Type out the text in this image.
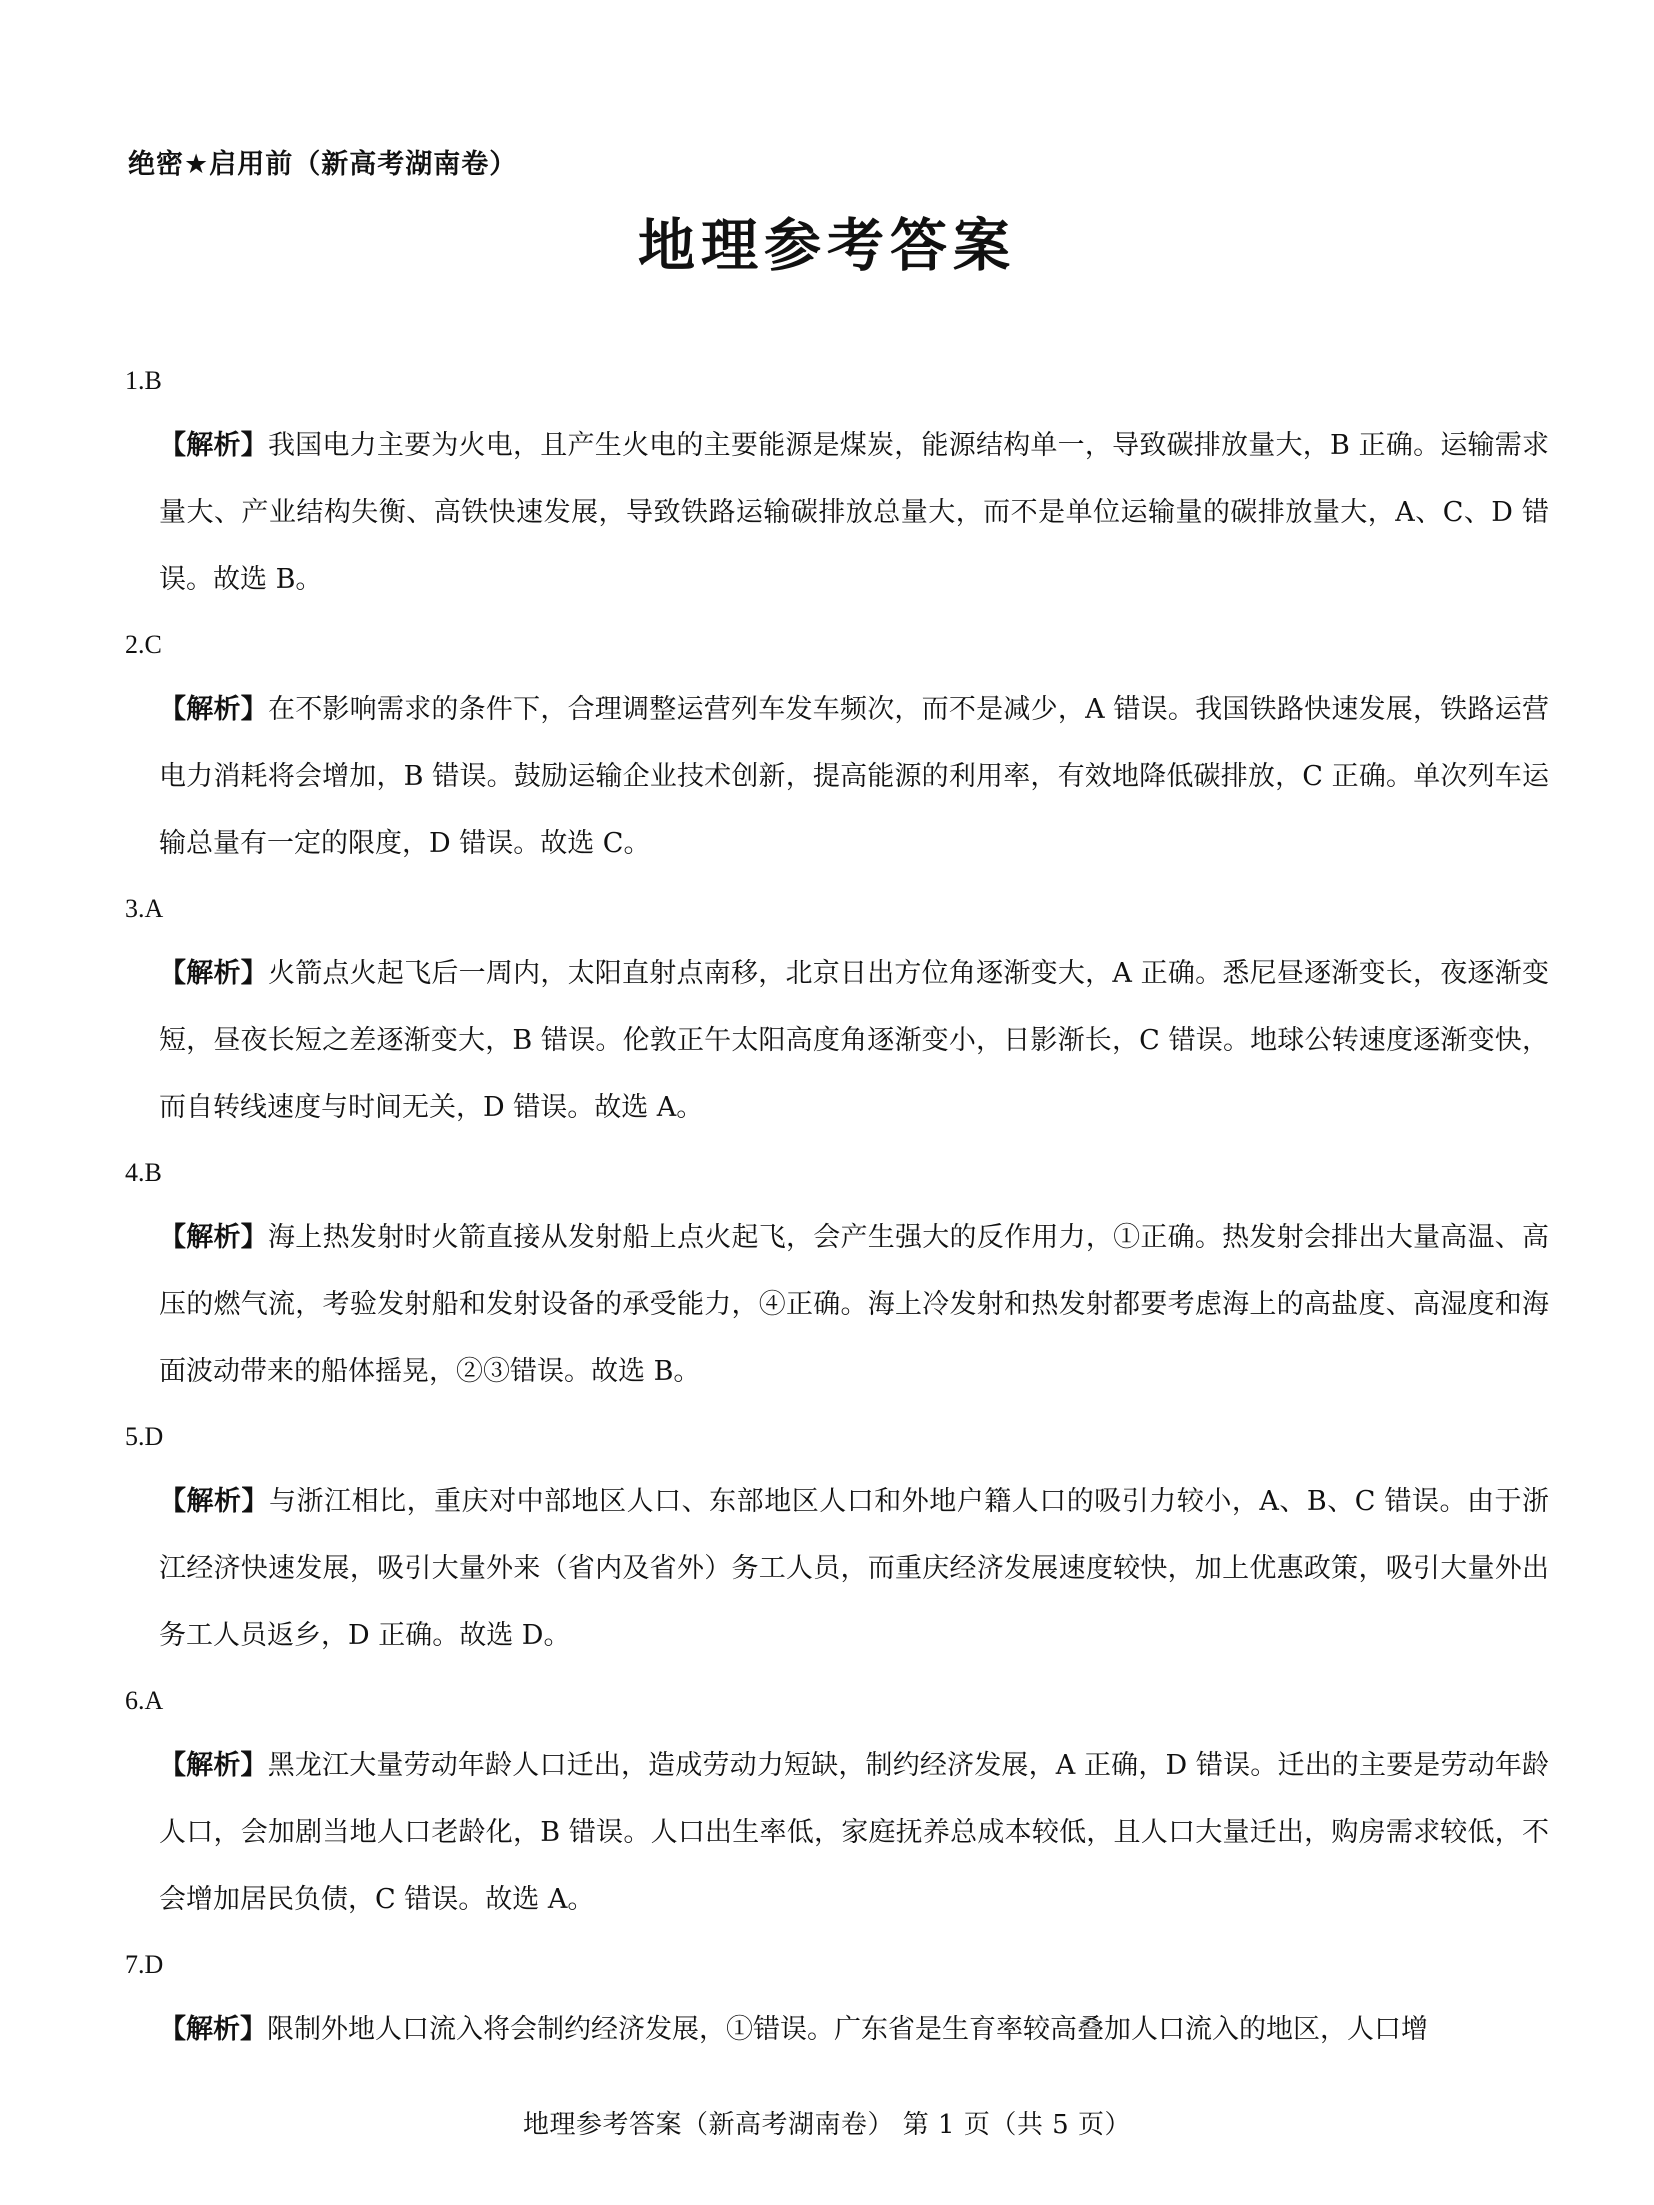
绝密★启用前（新高考湖南卷）
地理参考答案
1.B
【解析】我国电力主要为火电，且产生火电的主要能源是煤炭，能源结构单一，导致碳排放量大，B 正确。运输需求量大、产业结构失衡、高铁快速发展，导致铁路运输碳排放总量大，而不是单位运输量的碳排放量大，A、C、D 错误。故选 B。
2.C
【解析】在不影响需求的条件下，合理调整运营列车发车频次，而不是减少，A 错误。我国铁路快速发展，铁路运营电力消耗将会增加，B 错误。鼓励运输企业技术创新，提高能源的利用率，有效地降低碳排放，C 正确。单次列车运输总量有一定的限度，D 错误。故选 C。
3.A
【解析】火箭点火起飞后一周内，太阳直射点南移，北京日出方位角逐渐变大，A 正确。悉尼昼逐渐变长，夜逐渐变短，昼夜长短之差逐渐变大，B 错误。伦敦正午太阳高度角逐渐变小，日影渐长，C 错误。地球公转速度逐渐变快，而自转线速度与时间无关，D 错误。故选 A。
4.B
【解析】海上热发射时火箭直接从发射船上点火起飞，会产生强大的反作用力，①正确。热发射会排出大量高温、高压的燃气流，考验发射船和发射设备的承受能力，④正确。海上冷发射和热发射都要考虑海上的高盐度、高湿度和海面波动带来的船体摇晃，②③错误。故选 B。
5.D
【解析】与浙江相比，重庆对中部地区人口、东部地区人口和外地户籍人口的吸引力较小，A、B、C 错误。由于浙江经济快速发展，吸引大量外来（省内及省外）务工人员，而重庆经济发展速度较快，加上优惠政策，吸引大量外出务工人员返乡，D 正确。故选 D。
6.A
【解析】黑龙江大量劳动年龄人口迁出，造成劳动力短缺，制约经济发展，A 正确，D 错误。迁出的主要是劳动年龄人口，会加剧当地人口老龄化，B 错误。人口出生率低，家庭抚养总成本较低，且人口大量迁出，购房需求较低，不会增加居民负债，C 错误。故选 A。
7.D
【解析】限制外地人口流入将会制约经济发展，①错误。广东省是生育率较高叠加人口流入的地区，人口增
地理参考答案（新高考湖南卷） 第 1 页（共 5 页）
